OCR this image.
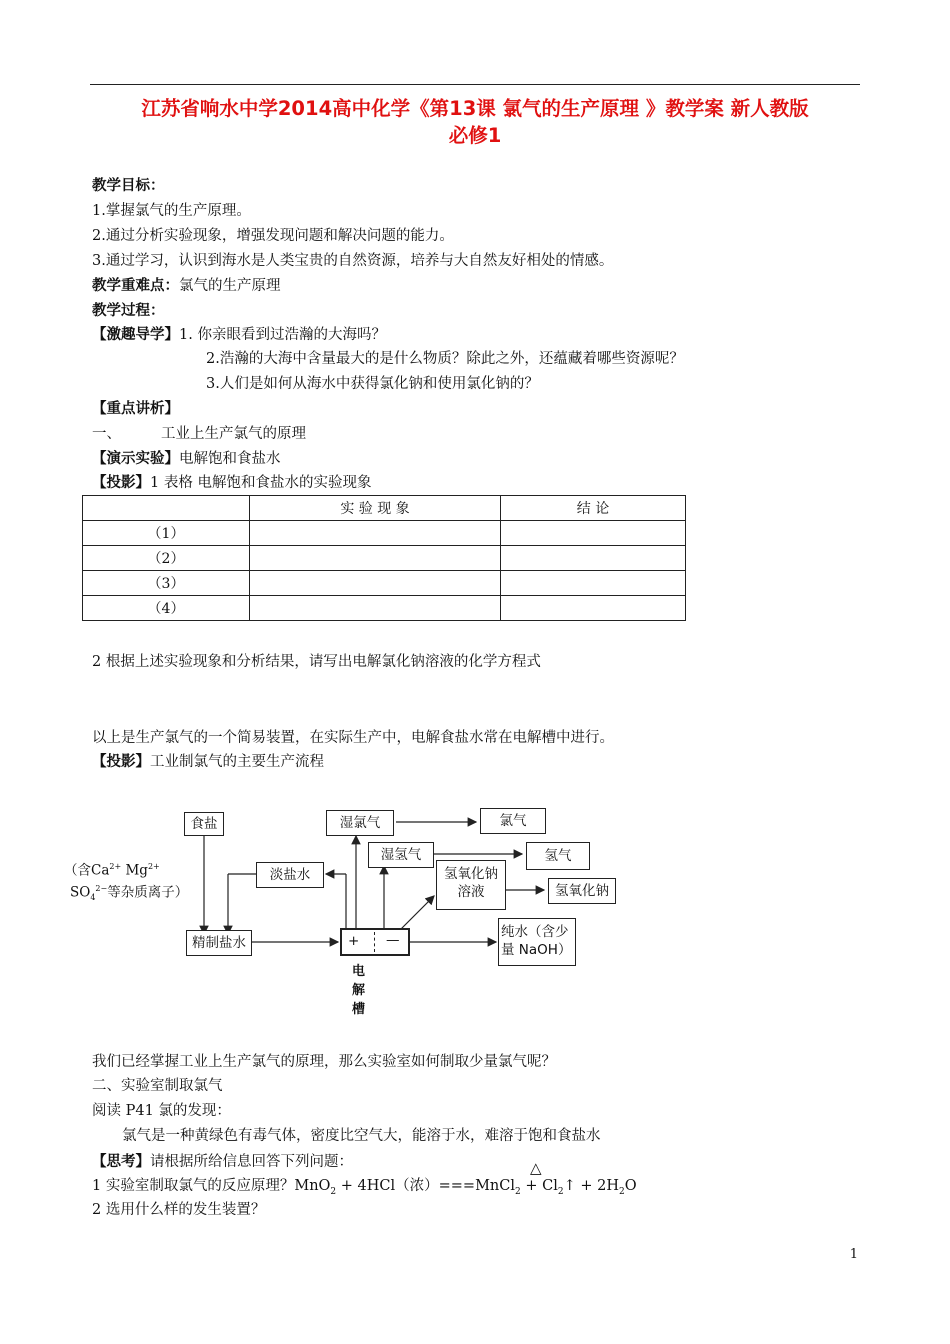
江苏省响水中学2014高中化学《第13课 氯气的生产原理 》教学案 新人教版
必修1
教学目标：
1.掌握氯气的生产原理。
2.通过分析实验现象，增强发现问题和解决问题的能力。
3.通过学习，认识到海水是人类宝贵的自然资源，培养与大自然友好相处的情感。
教学重难点：氯气的生产原理
教学过程：
【激趣导学】1. 你亲眼看到过浩瀚的大海吗？
2.浩瀚的大海中含量最大的是什么物质？除此之外，还蕴藏着哪些资源呢？
3.人们是如何从海水中获得氯化钠和使用氯化钠的？
【重点讲析】
一、	工业上生产氯气的原理
【演示实验】电解饱和食盐水
【投影】1 表格 电解饱和食盐水的实验现象
	实 验 现 象	结 论
（1）		
（2）		
（3）		
（4）		
2 根据上述实验现象和分析结果，请写出电解氯化钠溶液的化学方程式
以上是生产氯气的一个简易装置，在实际生产中，电解食盐水常在电解槽中进行。
【投影】工业制氯气的主要生产流程
食盐
（含$Ca^{2+}$ $Mg^{2+}$
$SO_4^{2-}$等杂质离子）
湿氯气	氯气
湿氢气	氢气
淡盐水	氢氧化钠
溶液	氢氧化钠
精制盐水	+ —
电解槽
纯水（含少
量 NaOH）
我们已经掌握工业上生产氯气的原理，那么实验室如何制取少量氯气呢？
二、实验室制取氯气
阅读 P41 氯的发现：
氯气是一种黄绿色有毒气体，密度比空气大，能溶于水，难溶于饱和食盐水
【思考】请根据所给信息回答下列问题：	△
1 实验室制取氯气的反应原理？MnO$_2$ + 4HCl（浓）===MnCl$_2$ + $Cl_2↑ + 2H_2O$
2 选用什么样的发生装置？
1
